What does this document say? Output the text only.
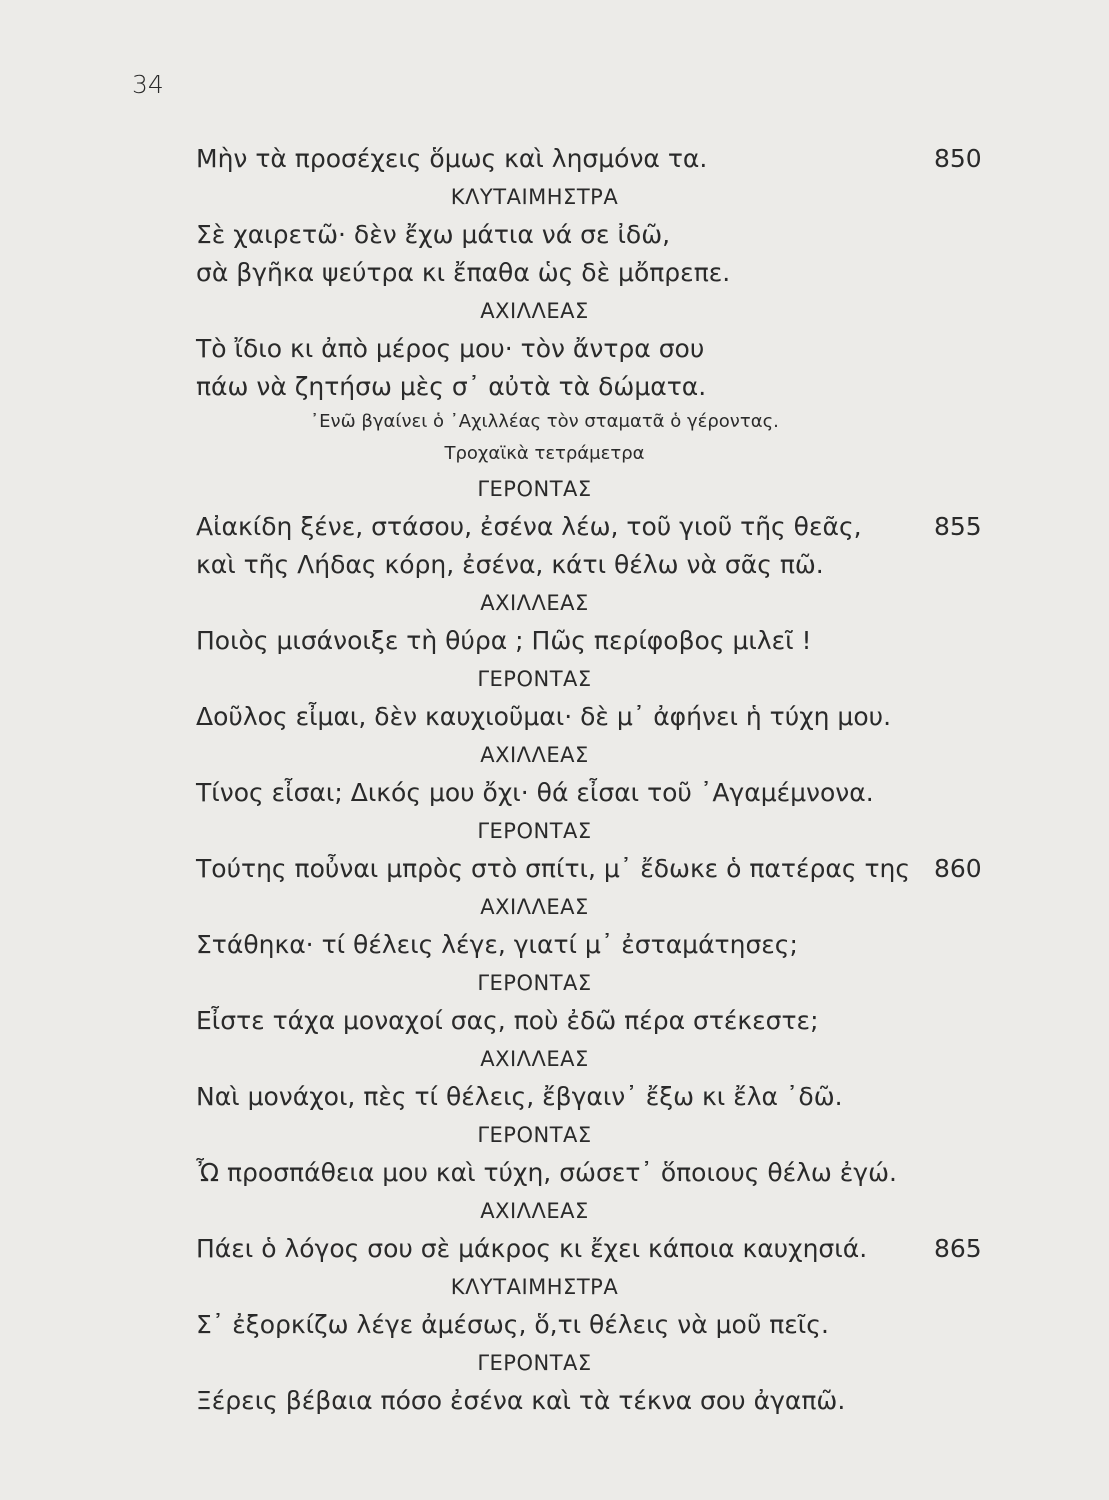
34
Μὴν τὰ προσέχεις ὅμως καὶ λησμόνα τα.	850
ΚΛΥΤΑΙΜΗΣΤΡΑ
Σὲ χαιρετῶ· δὲν ἔχω μάτια νά σε ἰδῶ,
σὰ βγῆκα ψεύτρα κι ἔπαθα ὡς δὲ μὄπρεπε.
ΑΧΙΛΛΕΑΣ
Τὸ ἴδιο κι ἀπὸ μέρος μου· τὸν ἄντρα σου
πάω νὰ ζητήσω μὲς σ᾽ αὐτὰ τὰ δώματα.
᾽Ενῶ βγαίνει ὁ ᾽Αχιλλέας τὸν σταματᾶ ὁ γέροντας.
Τροχαϊκὰ τετράμετρα
ΓΕΡΟΝΤΑΣ
Αἰακίδη ξένε, στάσου, ἐσένα λέω, τοῦ γιοῦ τῆς θεᾶς,	855
καὶ τῆς Λήδας κόρη, ἐσένα, κάτι θέλω νὰ σᾶς πῶ.
ΑΧΙΛΛΕΑΣ
Ποιὸς μισάνοιξε τὴ θύρα ; Πῶς περίφοβος μιλεῖ !
ΓΕΡΟΝΤΑΣ
Δοῦλος εἶμαι, δὲν καυχιοῦμαι· δὲ μ᾽ ἀφήνει ἡ τύχη μου.
ΑΧΙΛΛΕΑΣ
Τίνος εἶσαι; Δικός μου ὄχι· θά εἶσαι τοῦ ᾽Αγαμέμνονα.
ΓΕΡΟΝΤΑΣ
Τούτης ποὖναι μπρὸς στὸ σπίτι, μ᾽ ἔδωκε ὁ πατέρας της 860
ΑΧΙΛΛΕΑΣ
Στάθηκα· τί θέλεις λέγε, γιατί μ᾽ ἐσταμάτησες;
ΓΕΡΟΝΤΑΣ
Εἶστε τάχα μοναχοί σας, ποὺ ἐδῶ πέρα στέκεστε;
ΑΧΙΛΛΕΑΣ
Ναὶ μονάχοι, πὲς τί θέλεις, ἔβγαιν᾽ ἔξω κι ἔλα ᾽δῶ.
ΓΕΡΟΝΤΑΣ
Ὦ προσπάθεια μου καὶ τύχη, σώσετ᾽ ὅποιους θέλω ἐγώ.
ΑΧΙΛΛΕΑΣ
Πάει ὁ λόγος σου σὲ μάκρος κι ἔχει κάποια καυχησιά.	865
ΚΛΥΤΑΙΜΗΣΤΡΑ
Σ᾽ ἐξορκίζω λέγε ἀμέσως, ὅ,τι θέλεις νὰ μοῦ πεῖς.
ΓΕΡΟΝΤΑΣ
Ξέρεις βέβαια πόσο ἐσένα καὶ τὰ τέκνα σου ἀγαπῶ.
